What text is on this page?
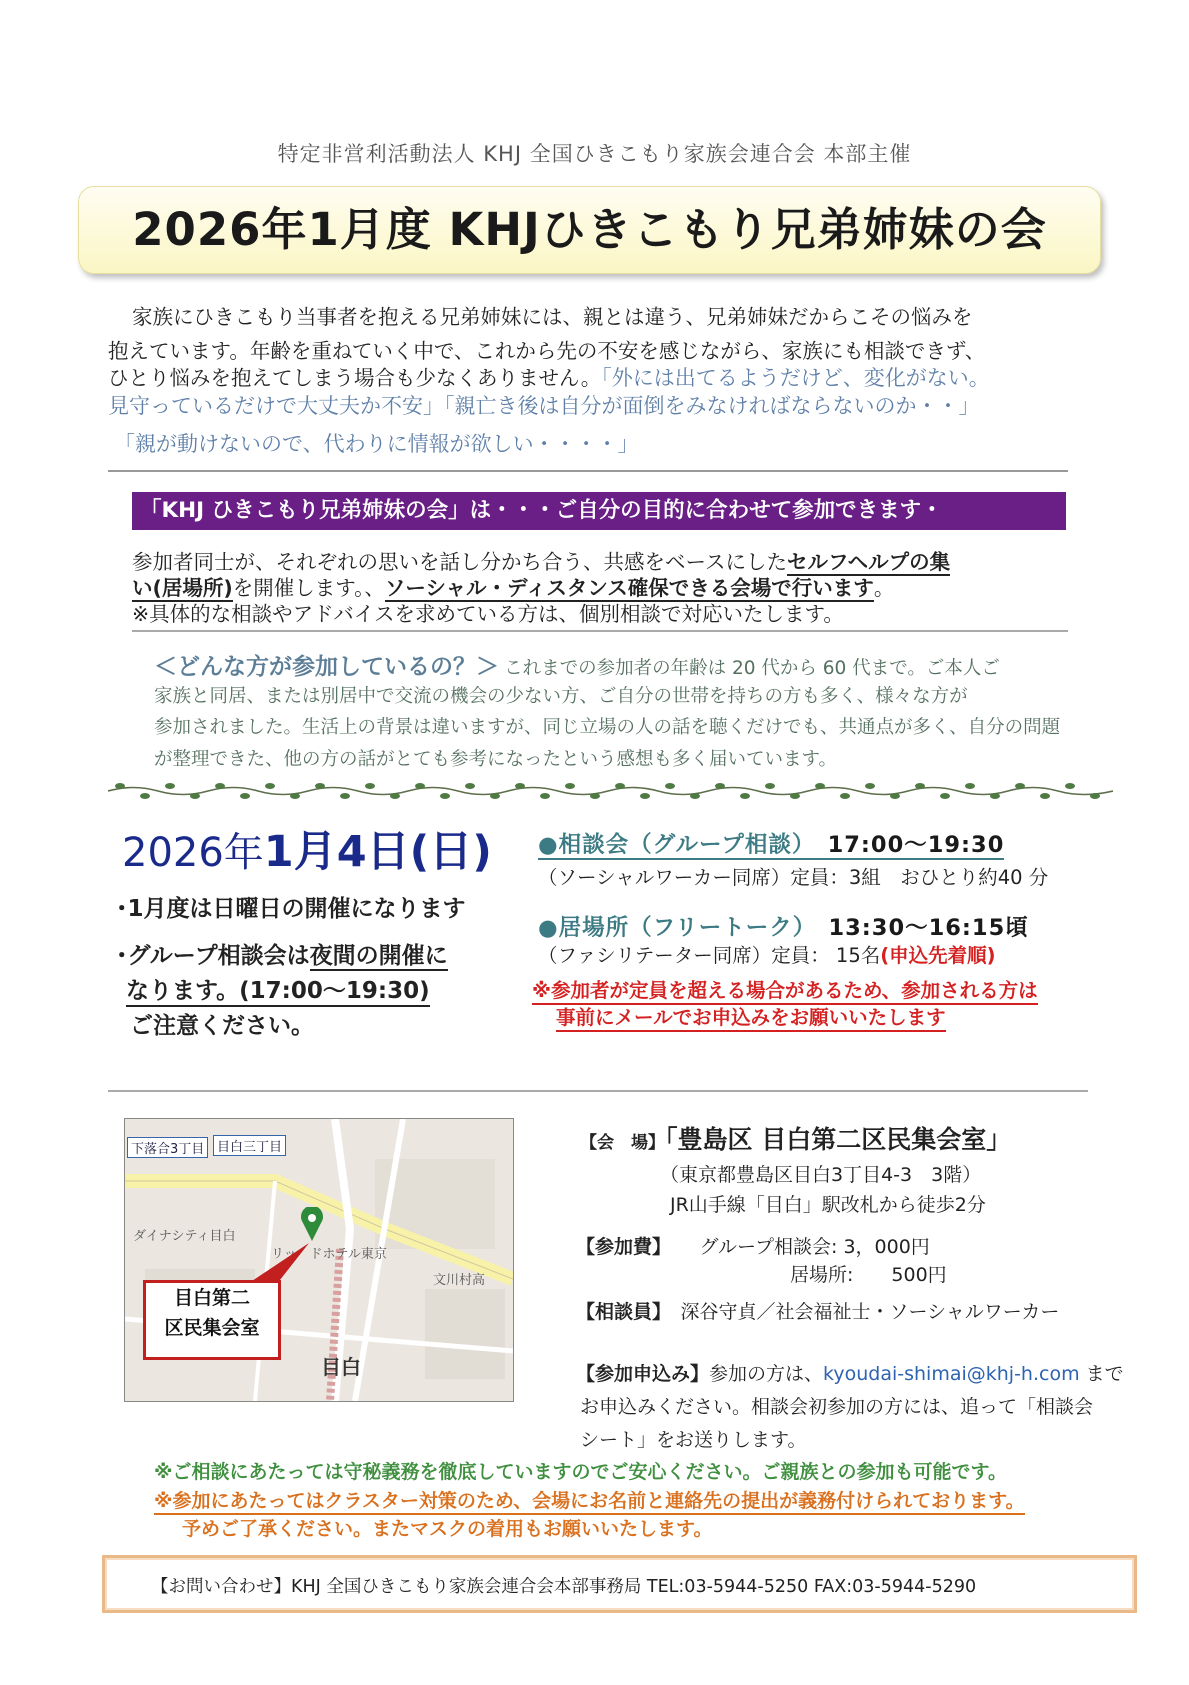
特定非営利活動法人 KHJ 全国ひきこもり家族会連合会 本部主催
2026年1月度 KHJひきこもり兄弟姉妹の会
家族にひきこもり当事者を抱える兄弟姉妹には、親とは違う、兄弟姉妹だからこその悩みを
抱えています。年齢を重ねていく中で、これから先の不安を感じながら、家族にも相談できず、
ひとり悩みを抱えてしまう場合も少なくありません。「外には出てるようだけど、変化がない。
見守っているだけで大丈夫か不安」「親亡き後は自分が面倒をみなければならないのか・・」
「親が動けないので、代わりに情報が欲しい・・・・」
「KHJ ひきこもり兄弟姉妹の会」は・・・ご自分の目的に合わせて参加できます・
参加者同士が、それぞれの思いを話し分かち合う、共感をベースにしたセルフヘルプの集
い(居場所)を開催します。、ソーシャル・ディスタンス確保できる会場で行います。
※具体的な相談やアドバイスを求めている方は、個別相談で対応いたします。
＜どんな方が参加しているの？＞ これまでの参加者の年齢は 20 代から 60 代まで。ご本人ご
家族と同居、または別居中で交流の機会の少ない方、ご自分の世帯を持ちの方も多く、様々な方が
参加されました。生活上の背景は違いますが、同じ立場の人の話を聴くだけでも、共通点が多く、自分の問題
が整理できた、他の方の話がとても参考になったという感想も多く届いています。
2026年1月4日(日)
･1月度は日曜日の開催になります
･グループ相談会は夜間の開催に
なります。(17:00～19:30)
ご注意ください。
●相談会（グループ相談）　 17:00～19:30
（ソーシャルワーカー同席）定員：3組　おひとり約40 分
●居場所（フリートーク）　 13:30～16:15頃
（ファシリテーター同席）定員： 15名(申込先着順)
※参加者が定員を超える場合があるため、参加される方は
事前にメールでお申込みをお願いいたします
下落合3丁目 目白三丁目
ダイナシティ目白
リッ　ドホテル東京
文川村高
目白
目白第二
区民集会室
【会　場】「豊島区 目白第二区民集会室」
（東京都豊島区目白3丁目4-3　3階）
JR山手線「目白」駅改札から徒歩2分
【参加費】　　 グループ相談会: 3，000円
居場所:　　500円
【相談員】　 深谷守貞／社会福祉士・ソーシャルワーカー
【参加申込み】参加の方は、kyoudai-shimai@khj-h.com まで
お申込みください。相談会初参加の方には、追って「相談会
シート」をお送りします。
※ご相談にあたっては守秘義務を徹底していますのでご安心ください。ご親族との参加も可能です。
※参加にあたってはクラスター対策のため、会場にお名前と連絡先の提出が義務付けられております。
予めご了承ください。またマスクの着用もお願いいたします。
【お問い合わせ】KHJ 全国ひきこもり家族会連合会本部事務局 TEL:03-5944-5250 FAX:03-5944-5290
